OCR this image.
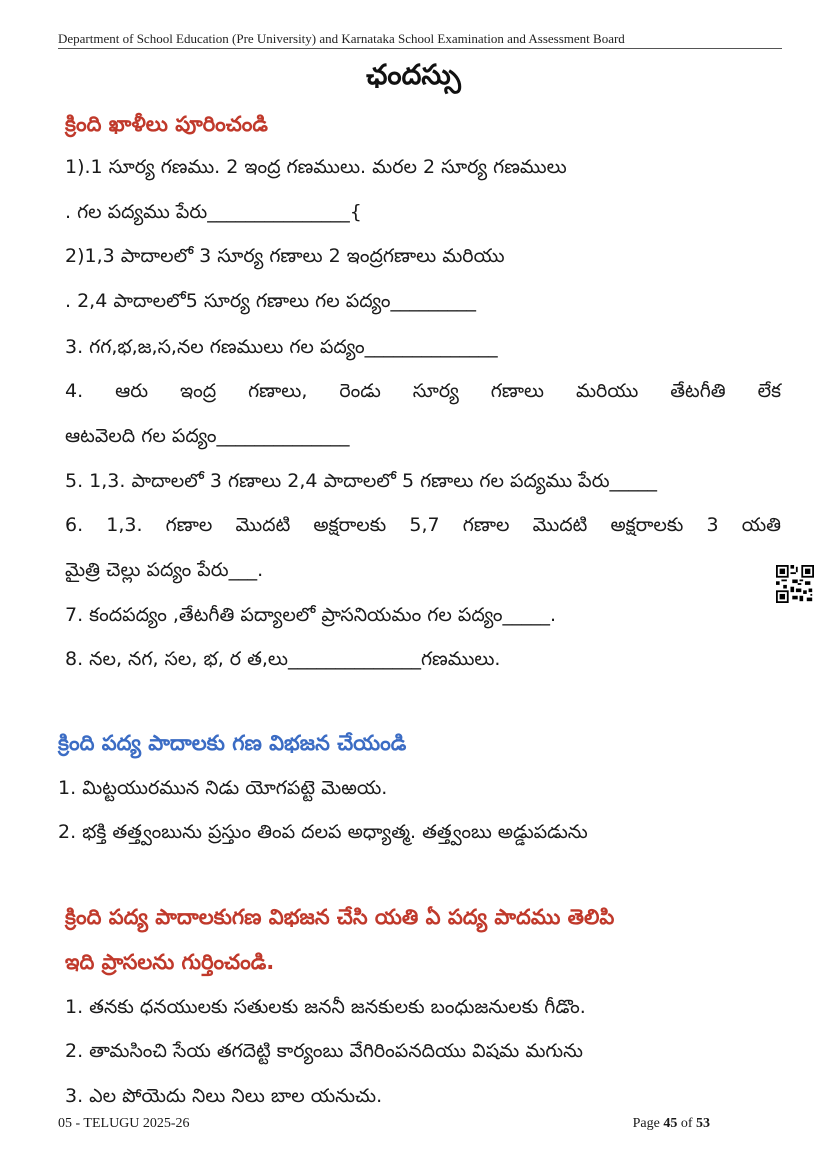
Department of School Education (Pre University) and Karnataka School Examination and Assessment Board
ఛందస్సు
క్రింది ఖాళీలు పూరించండి
1).1 సూర్య గణము. 2 ఇంద్ర గణములు. మరల 2 సూర్య గణములు
. గల పద్యము పేరు_______________{
2)1,3 పాదాలలో 3 సూర్య గణాలు 2 ఇంద్రగణాలు మరియు
. 2,4 పాదాలలో5 సూర్య గణాలు గల పద్యం_________
3. గగ,భ,జ,స,నల గణములు గల పద్యం______________
4. ఆరు ఇంద్ర గణాలు, రెండు సూర్య గణాలు మరియు తేటగీతి లేక
ఆటవెలది గల పద్యం______________
5. 1,3. పాదాలలో 3 గణాలు 2,4 పాదాలలో 5 గణాలు గల పద్యము పేరు_____
6. 1,3. గణాల మొదటి అక్షరాలకు 5,7 గణాల మొదటి అక్షరాలకు 3 యతి
మైత్రి చెల్లు పద్యం పేరు___.
7. కందపద్యం ,తేటగీతి పద్యాలలో ప్రాసనియమం గల పద్యం_____.
8. నల, నగ, సల, భ, ర త,లు______________గణములు.
క్రింది పద్య పాదాలకు గణ విభజన చేయండి
1. మిట్టయురమున నిడు యోగపట్టె మెఱయ.
2. భక్తి తత్త్వంబును ప్రస్తుం తింప దలప అధ్యాత్మ. తత్త్వంబు అడ్డుపడును
క్రింది పద్య పాదాలకుగణ విభజన చేసి యతి ఏ పద్య పాదము తెలిపి
ఇది ప్రాసలను గుర్తించండి.
1. తనకు ధనయులకు సతులకు జననీ జనకులకు బంధుజనులకు గీడొం.
2. తామసించి సేయ తగదెట్టి కార్యంబు వేగిరింపనదియు విషమ మగును
3. ఎల పోయెదు నిలు నిలు బాల యనుచు.
05 - TELUGU 2025-26	Page 45 of 53
